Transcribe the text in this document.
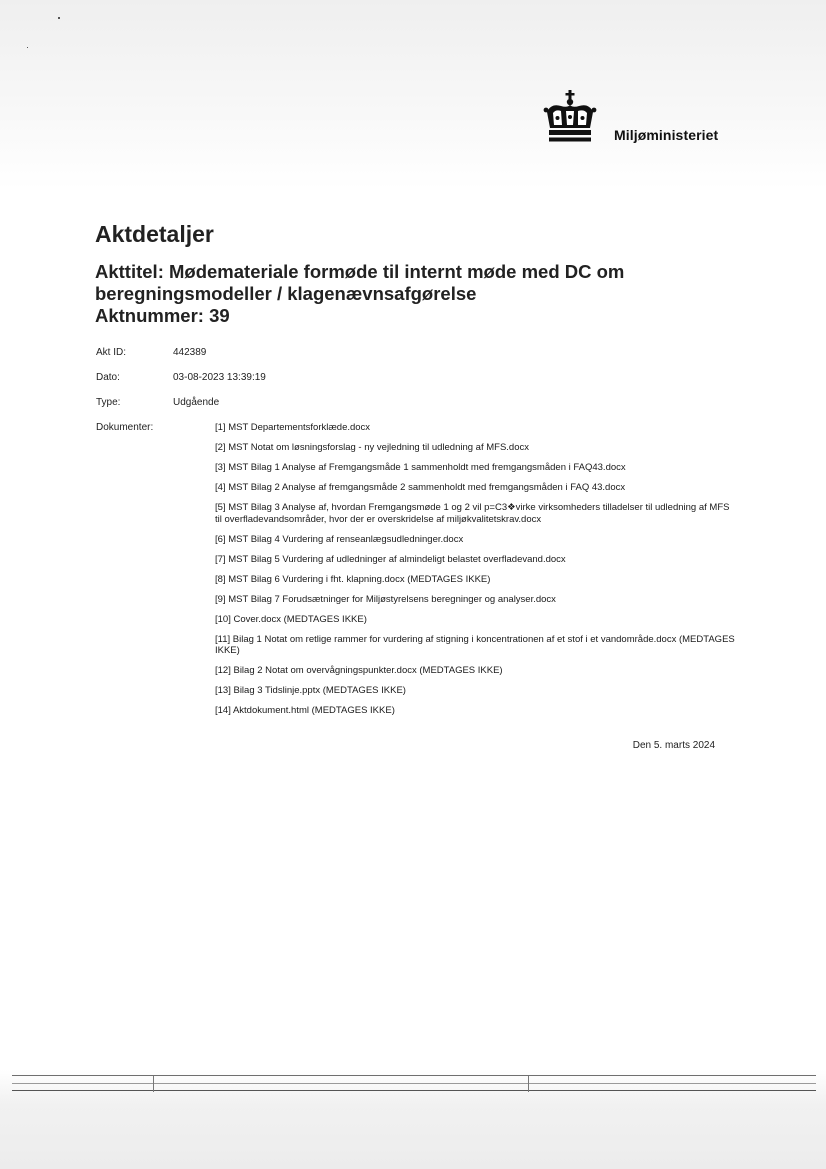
Miljøministeriet
Aktdetaljer
Akttitel: Mødemateriale formøde til internt møde med DC om beregningsmodeller / klagenævnsafgørelse
Aktnummer: 39
Akt ID:	442389
Dato:	03-08-2023 13:39:19
Type:	Udgående
Dokumenter:	[1] MST Departementsforklæde.docx
[2] MST Notat om løsningsforslag - ny vejledning til udledning af MFS.docx
[3] MST Bilag 1 Analyse af Fremgangsmåde 1 sammenholdt med fremgangsmåden i FAQ43.docx
[4] MST Bilag 2 Analyse af fremgangsmåde 2 sammenholdt med fremgangsmåden i FAQ 43.docx
[5] MST Bilag 3 Analyse af, hvordan Fremgangsmøde 1 og 2 vil p=C3❖virke virksomheders tilladelser til udledning af MFS til overfladevandsområder, hvor der er overskridelse af miljøkvalitetskrav.docx
[6] MST Bilag 4 Vurdering af renseanlægsudledninger.docx
[7] MST Bilag 5 Vurdering af udledninger af almindeligt belastet overfladevand.docx
[8] MST Bilag 6 Vurdering i fht. klapning.docx (MEDTAGES IKKE)
[9] MST Bilag 7 Forudsætninger for Miljøstyrelsens beregninger og analyser.docx
[10] Cover.docx (MEDTAGES IKKE)
[11] Bilag 1 Notat om retlige rammer for vurdering af stigning i koncentrationen af et stof i et vandområde.docx (MEDTAGES IKKE)
[12] Bilag 2 Notat om overvågningspunkter.docx (MEDTAGES IKKE)
[13] Bilag 3 Tidslinje.pptx (MEDTAGES IKKE)
[14] Aktdokument.html (MEDTAGES IKKE)
Den 5. marts 2024
